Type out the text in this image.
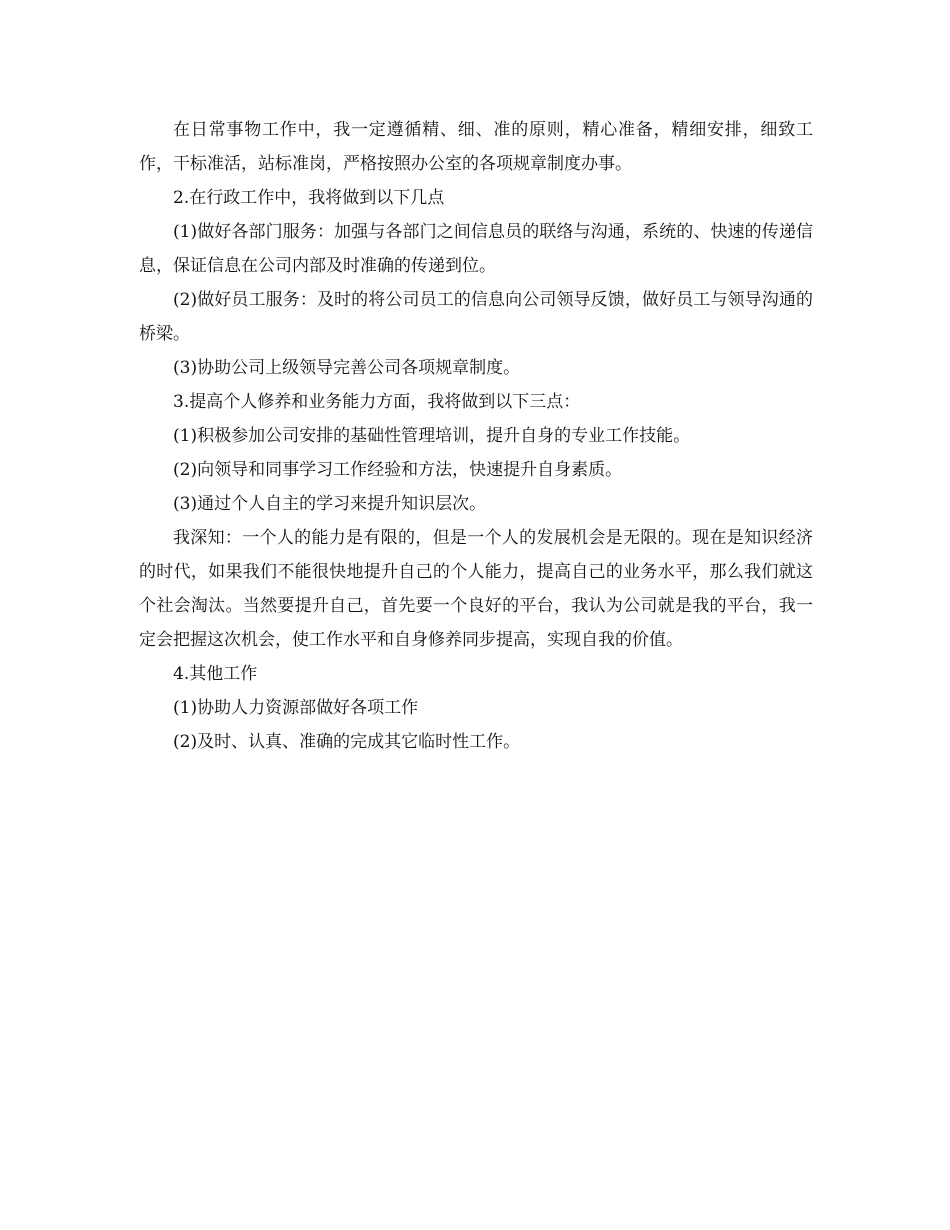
在日常事物工作中，我一定遵循精、细、准的原则，精心准备，精细安排，细致工作，干标准活，站标准岗，严格按照办公室的各项规章制度办事。

2.在行政工作中，我将做到以下几点

(1)做好各部门服务：加强与各部门之间信息员的联络与沟通，系统的、快速的传递信息，保证信息在公司内部及时准确的传递到位。

(2)做好员工服务：及时的将公司员工的信息向公司领导反馈，做好员工与领导沟通的桥梁。

(3)协助公司上级领导完善公司各项规章制度。

3.提高个人修养和业务能力方面，我将做到以下三点：

(1)积极参加公司安排的基础性管理培训，提升自身的专业工作技能。

(2)向领导和同事学习工作经验和方法，快速提升自身素质。

(3)通过个人自主的学习来提升知识层次。

我深知：一个人的能力是有限的，但是一个人的发展机会是无限的。现在是知识经济的时代，如果我们不能很快地提升自己的个人能力，提高自己的业务水平，那么我们就这个社会淘汰。当然要提升自己，首先要一个良好的平台，我认为公司就是我的平台，我一定会把握这次机会，使工作水平和自身修养同步提高，实现自我的价值。

4.其他工作

(1)协助人力资源部做好各项工作

(2)及时、认真、准确的完成其它临时性工作。
